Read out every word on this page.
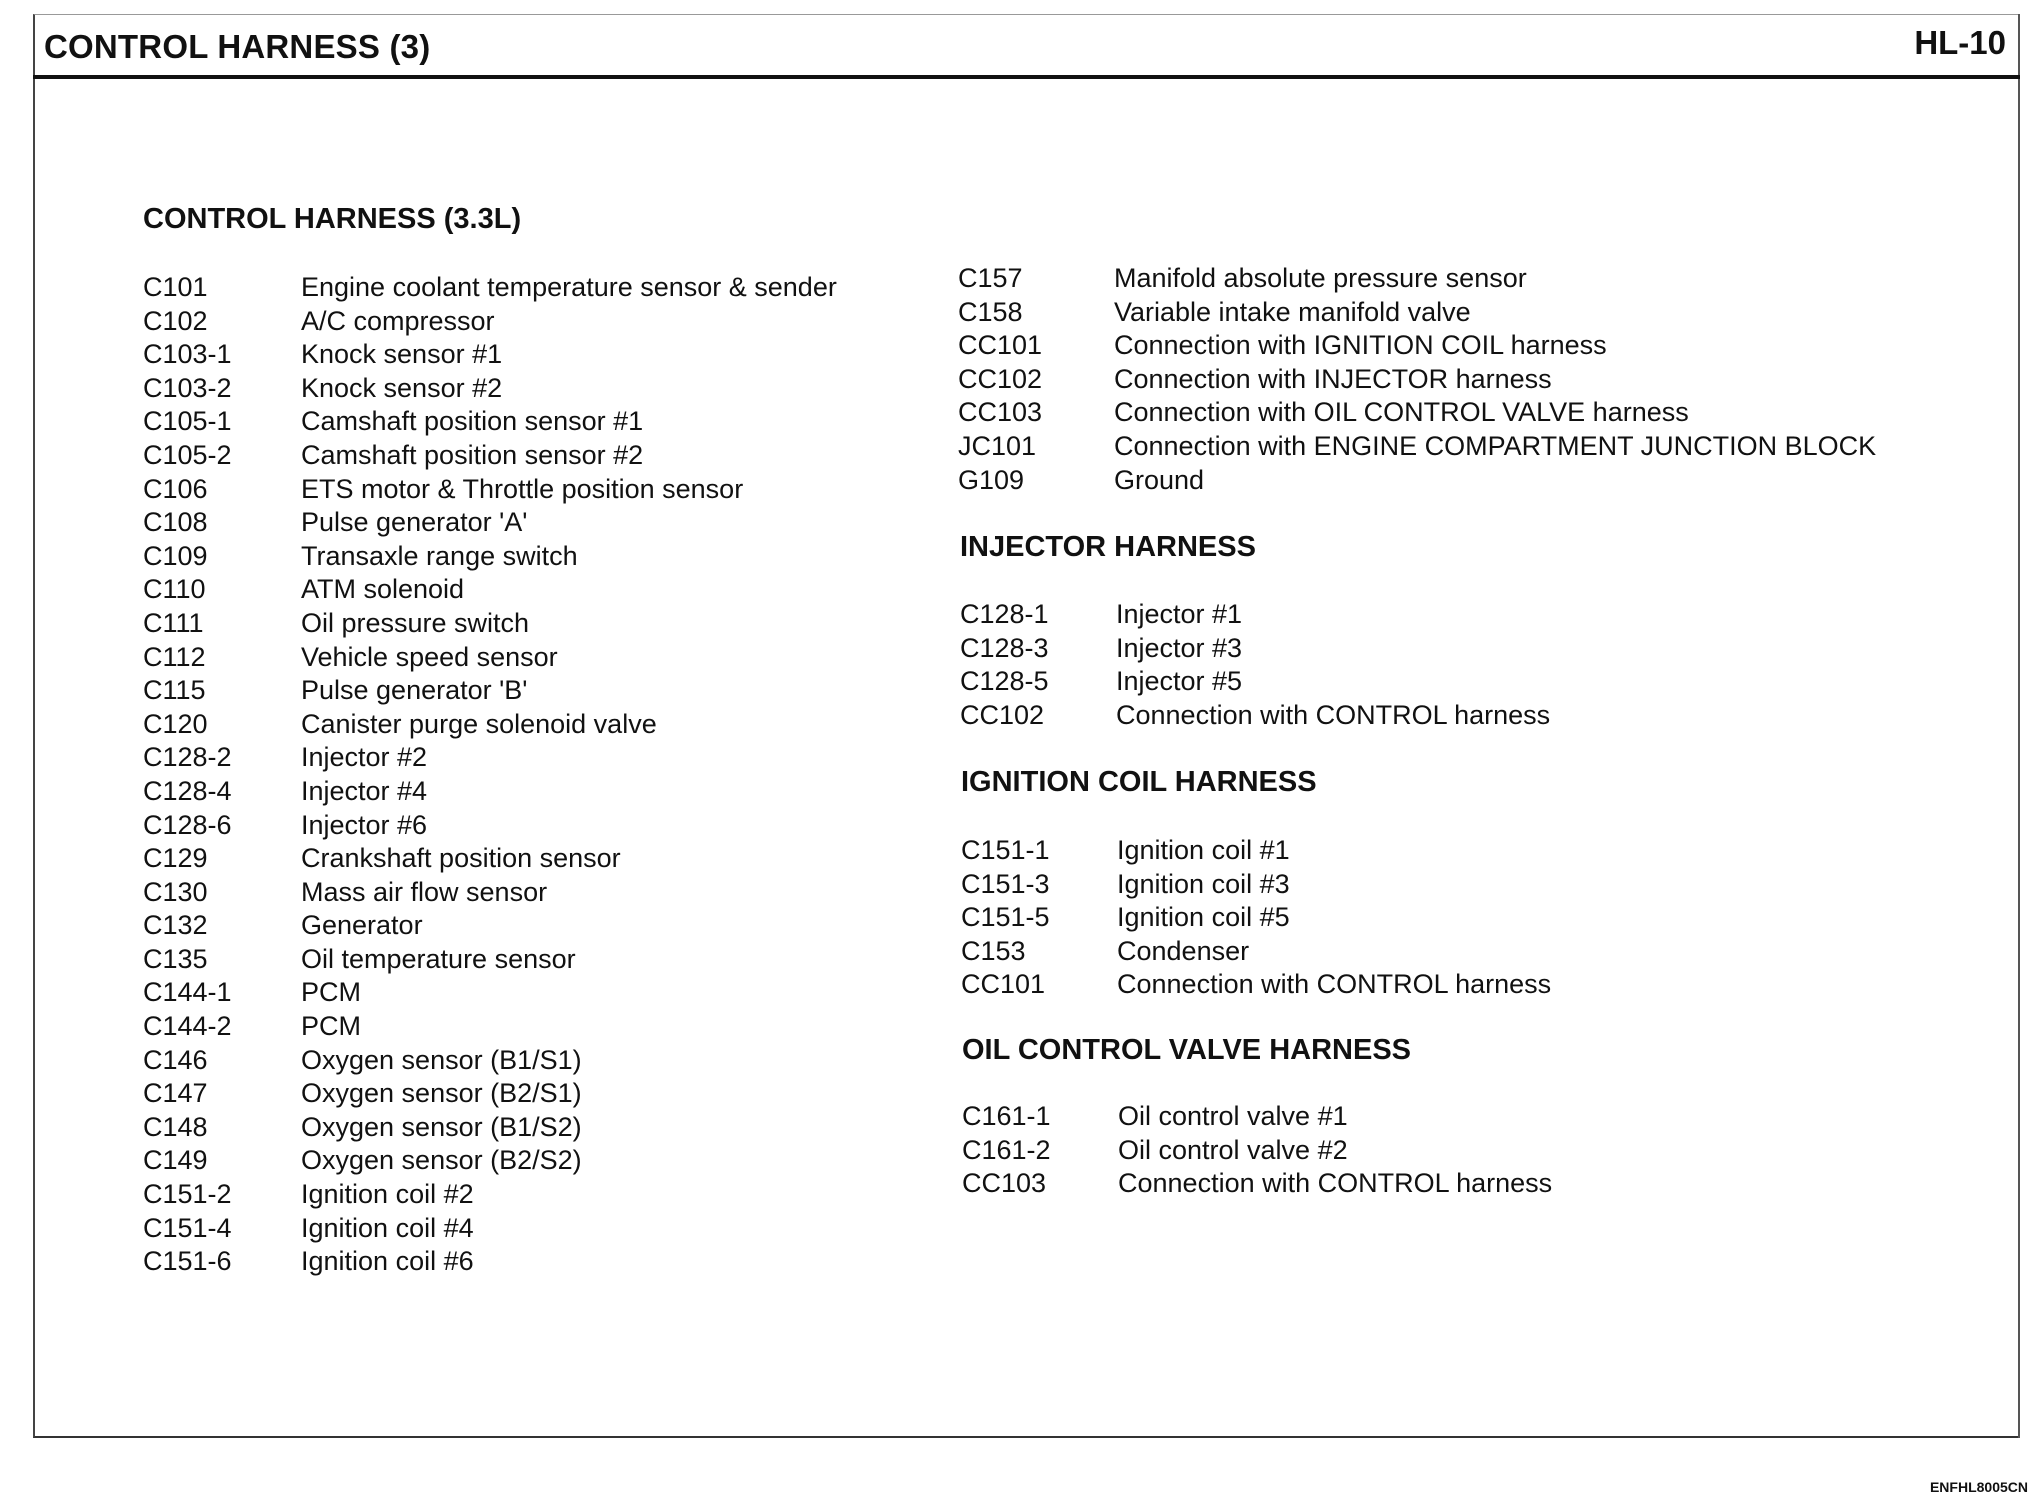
CONTROL HARNESS (3)	HL-10
CONTROL HARNESS (3.3L)
C101	Engine coolant temperature sensor & sender
C102	A/C compressor
C103-1	Knock sensor #1
C103-2	Knock sensor #2
C105-1	Camshaft position sensor #1
C105-2	Camshaft position sensor #2
C106	ETS motor & Throttle position sensor
C108	Pulse generator 'A'
C109	Transaxle range switch
C110	ATM solenoid
C111	Oil pressure switch
C112	Vehicle speed sensor
C115	Pulse generator 'B'
C120	Canister purge solenoid valve
C128-2	Injector #2
C128-4	Injector #4
C128-6	Injector #6
C129	Crankshaft position sensor
C130	Mass air flow sensor
C132	Generator
C135	Oil temperature sensor
C144-1	PCM
C144-2	PCM
C146	Oxygen sensor (B1/S1)
C147	Oxygen sensor (B2/S1)
C148	Oxygen sensor (B1/S2)
C149	Oxygen sensor (B2/S2)
C151-2	Ignition coil #2
C151-4	Ignition coil #4
C151-6	Ignition coil #6
C157	Manifold absolute pressure sensor
C158	Variable intake manifold valve
CC101	Connection with IGNITION COIL harness
CC102	Connection with INJECTOR harness
CC103	Connection with OIL CONTROL VALVE harness
JC101	Connection with ENGINE COMPARTMENT JUNCTION BLOCK
G109	Ground
INJECTOR HARNESS
C128-1 Injector #1
C128-3 Injector #3
C128-5 Injector #5
CC102	Connection with CONTROL harness
IGNITION COIL HARNESS
C151-1 Ignition coil #1
C151-3 Ignition coil #3
C151-5 Ignition coil #5
C153	Condenser
CC101	Connection with CONTROL harness
OIL CONTROL VALVE HARNESS
C161-1 Oil control valve #1
C161-2 Oil control valve #2
CC103	Connection with CONTROL harness
ENFHL8005CN
